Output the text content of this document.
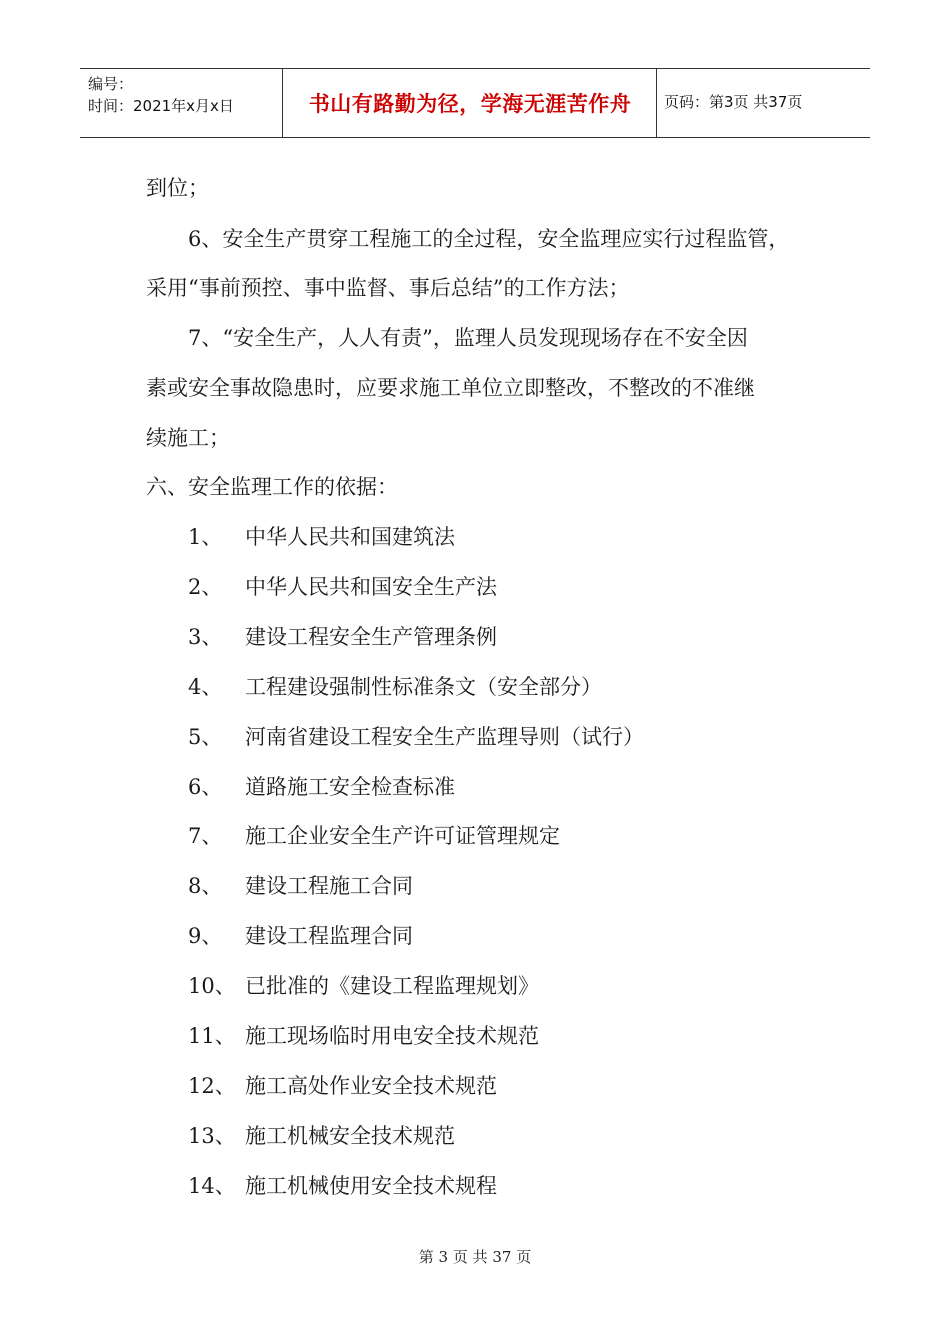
编号：
时间：2021年x月x日	书山有路勤为径，学海无涯苦作舟	页码：第3页 共37页
到位；
6、安全生产贯穿工程施工的全过程，安全监理应实行过程监管，
采用“事前预控、事中监督、事后总结”的工作方法；
7、“安全生产，人人有责”，监理人员发现现场存在不安全因
素或安全事故隐患时，应要求施工单位立即整改，不整改的不准继
续施工；
六、安全监理工作的依据：
1、 中华人民共和国建筑法
2、 中华人民共和国安全生产法
3、 建设工程安全生产管理条例
4、 工程建设强制性标准条文（安全部分）
5、 河南省建设工程安全生产监理导则（试行）
6、 道路施工安全检查标准
7、 施工企业安全生产许可证管理规定
8、 建设工程施工合同
9、 建设工程监理合同
10、 已批准的《建设工程监理规划》
11、 施工现场临时用电安全技术规范
12、 施工高处作业安全技术规范
13、 施工机械安全技术规范
14、 施工机械使用安全技术规程
第 3 页 共 37 页
